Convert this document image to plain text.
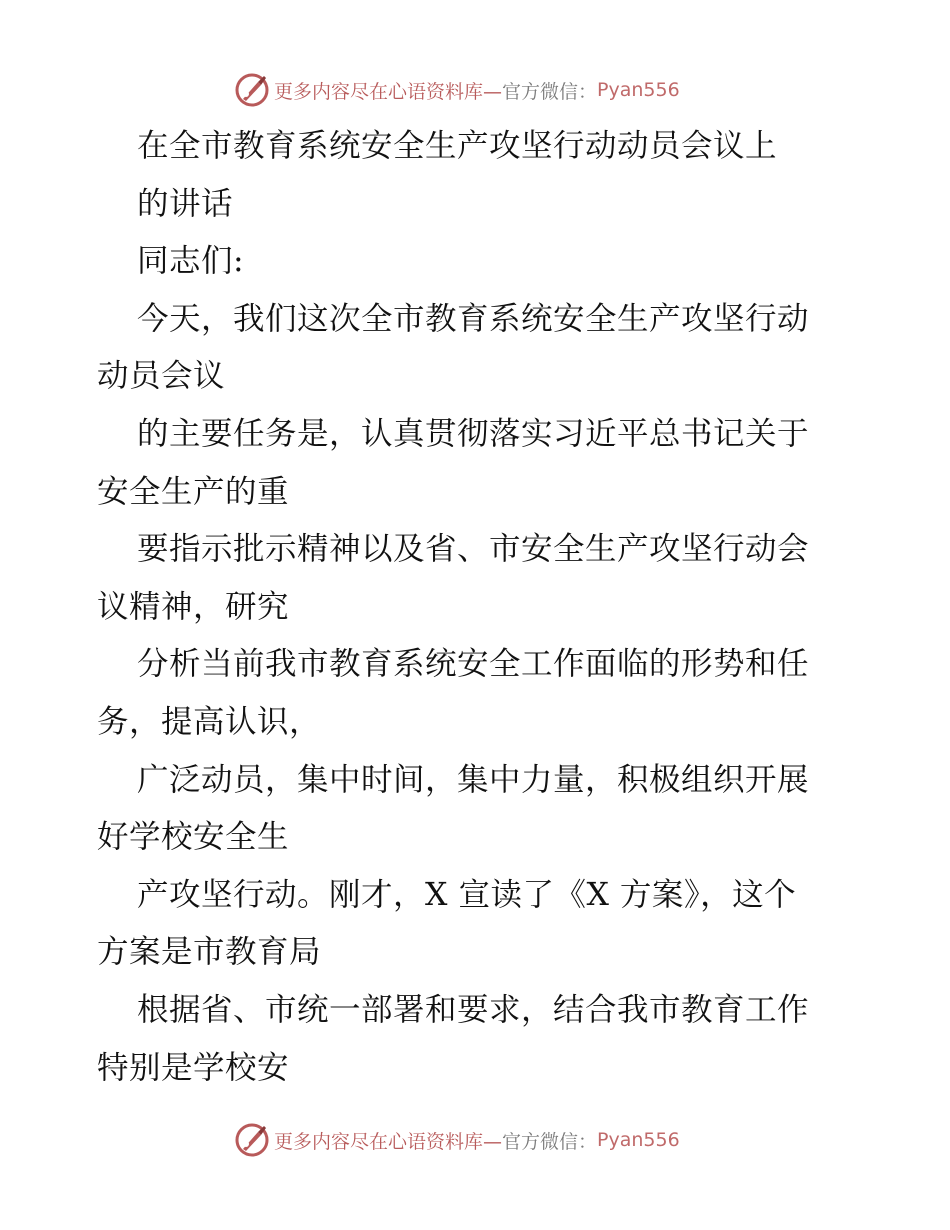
更多内容尽在心语资料库— 官方微信： Pyan556
在全市教育系统安全生产攻坚行动动员会议上
的讲话
同志们:
今天，我们这次全市教育系统安全生产攻坚行动
动员会议
的主要任务是，认真贯彻落实习近平总书记关于
安全生产的重
要指示批示精神以及省、市安全生产攻坚行动会
议精神，研究
分析当前我市教育系统安全工作面临的形势和任
务，提高认识，
广泛动员，集中时间，集中力量，积极组织开展
好学校安全生
产攻坚行动。刚才，X 宣读了《X 方案》，这个
方案是市教育局
根据省、市统一部署和要求，结合我市教育工作
特别是学校安
更多内容尽在心语资料库— 官方微信： Pyan556
